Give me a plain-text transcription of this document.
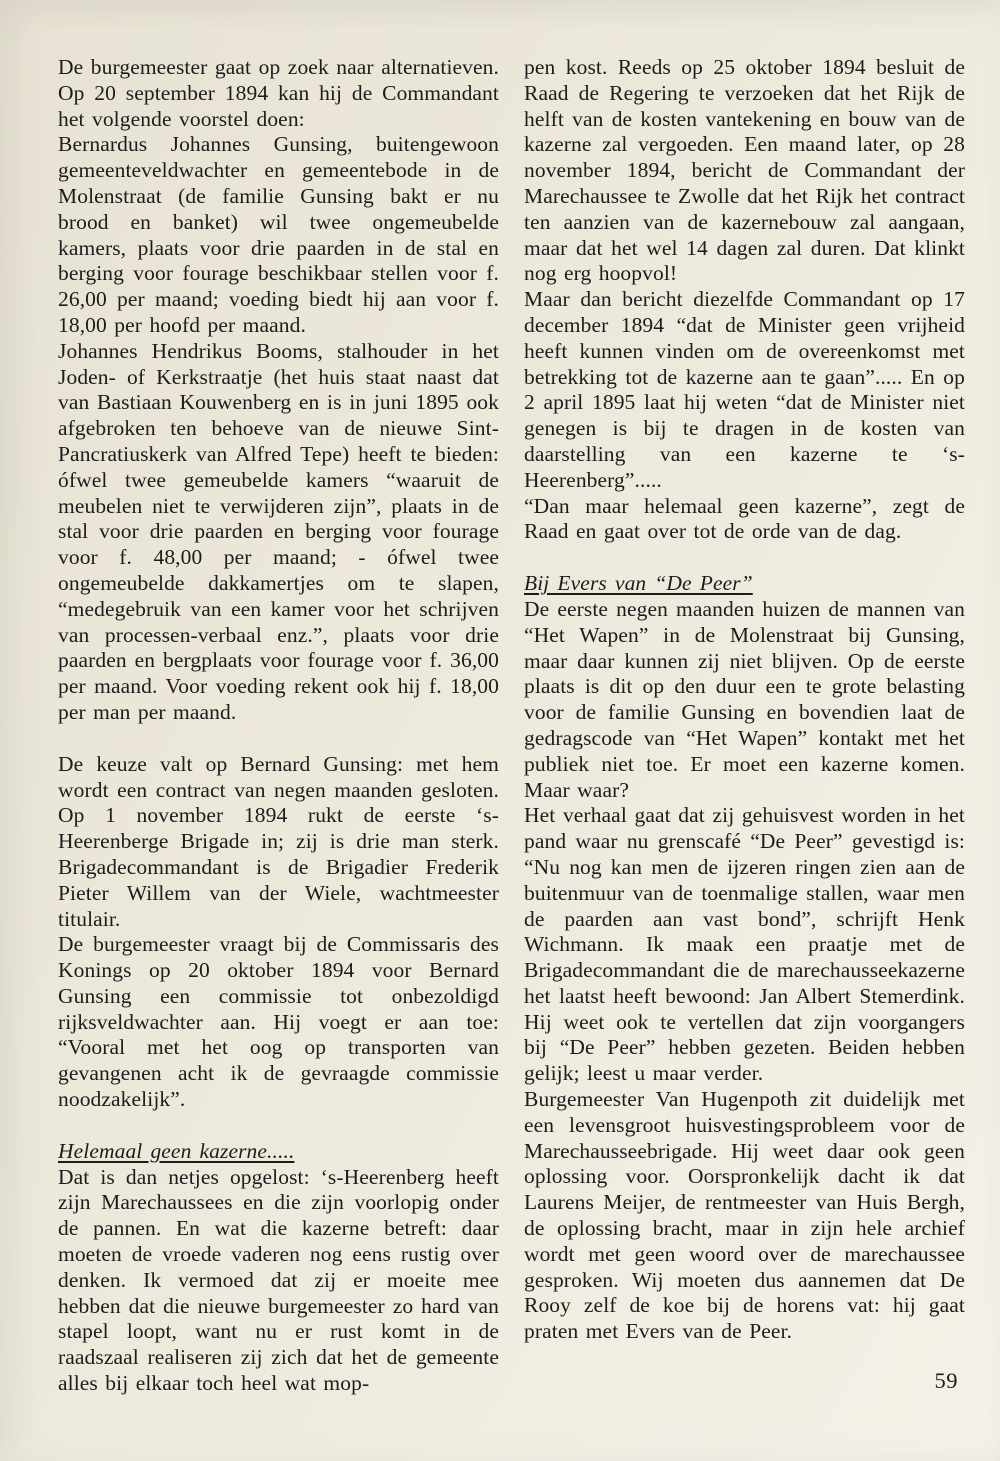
De burgemeester gaat op zoek naar alternatieven. Op 20 september 1894 kan hij de Commandant het volgende voorstel doen:

Bernardus Johannes Gunsing, buitengewoon gemeenteveldwachter en gemeentebode in de Molenstraat (de familie Gunsing bakt er nu brood en banket) wil twee ongemeubelde kamers, plaats voor drie paarden in de stal en berging voor fourage beschikbaar stellen voor f. 26,00 per maand; voeding biedt hij aan voor f. 18,00 per hoofd per maand.

Johannes Hendrikus Booms, stalhouder in het Joden- of Kerkstraatje (het huis staat naast dat van Bastiaan Kouwenberg en is in juni 1895 ook afgebroken ten behoeve van de nieuwe Sint-Pancratiuskerk van Alfred Tepe) heeft te bieden: ófwel twee gemeubelde kamers “waaruit de meubelen niet te verwijderen zijn”, plaats in de stal voor drie paarden en berging voor fourage voor f. 48,00 per maand; - ófwel twee ongemeubelde dakkamertjes om te slapen, “medegebruik van een kamer voor het schrijven van processen-verbaal enz.”, plaats voor drie paarden en bergplaats voor fourage voor f. 36,00 per maand. Voor voeding rekent ook hij f. 18,00 per man per maand.

De keuze valt op Bernard Gunsing: met hem wordt een contract van negen maanden gesloten. Op 1 november 1894 rukt de eerste ‘s-Heerenberge Brigade in; zij is drie man sterk. Brigadecommandant is de Brigadier Frederik Pieter Willem van der Wiele, wachtmeester titulair.

De burgemeester vraagt bij de Commissaris des Konings op 20 oktober 1894 voor Bernard Gunsing een commissie tot onbezoldigd rijksveldwachter aan. Hij voegt er aan toe: “Vooral met het oog op transporten van gevangenen acht ik de gevraagde commissie noodzakelijk”.

Helemaal geen kazerne.....

Dat is dan netjes opgelost: ‘s-Heerenberg heeft zijn Marechaussees en die zijn voorlopig onder de pannen. En wat die kazerne betreft: daar moeten de vroede vaderen nog eens rustig over denken. Ik vermoed dat zij er moeite mee hebben dat die nieuwe burgemeester zo hard van stapel loopt, want nu er rust komt in de raadszaal realiseren zij zich dat het de gemeente alles bij elkaar toch heel wat mop-

pen kost. Reeds op 25 oktober 1894 besluit de Raad de Regering te verzoeken dat het Rijk de helft van de kosten vantekening en bouw van de kazerne zal vergoeden. Een maand later, op 28 november 1894, bericht de Commandant der Marechaussee te Zwolle dat het Rijk het contract ten aanzien van de kazernebouw zal aangaan, maar dat het wel 14 dagen zal duren. Dat klinkt nog erg hoopvol!

Maar dan bericht diezelfde Commandant op 17 december 1894 “dat de Minister geen vrijheid heeft kunnen vinden om de overeenkomst met betrekking tot de kazerne aan te gaan”..... En op 2 april 1895 laat hij weten “dat de Minister niet genegen is bij te dragen in de kosten van daarstelling van een kazerne te ‘s-Heerenberg”.....

“Dan maar helemaal geen kazerne”, zegt de Raad en gaat over tot de orde van de dag.

Bij Evers van “De Peer”

De eerste negen maanden huizen de mannen van “Het Wapen” in de Molenstraat bij Gunsing, maar daar kunnen zij niet blijven. Op de eerste plaats is dit op den duur een te grote belasting voor de familie Gunsing en bovendien laat de gedragscode van “Het Wapen” kontakt met het publiek niet toe. Er moet een kazerne komen. Maar waar?

Het verhaal gaat dat zij gehuisvest worden in het pand waar nu grenscafé “De Peer” gevestigd is: “Nu nog kan men de ijzeren ringen zien aan de buitenmuur van de toenmalige stallen, waar men de paarden aan vast bond”, schrijft Henk Wichmann. Ik maak een praatje met de Brigadecommandant die de marechausseekazerne het laatst heeft bewoond: Jan Albert Stemerdink. Hij weet ook te vertellen dat zijn voorgangers bij “De Peer” hebben gezeten. Beiden hebben gelijk; leest u maar verder.

Burgemeester Van Hugenpoth zit duidelijk met een levensgroot huisvestingsprobleem voor de Marechausseebrigade. Hij weet daar ook geen oplossing voor. Oorspronkelijk dacht ik dat Laurens Meijer, de rentmeester van Huis Bergh, de oplossing bracht, maar in zijn hele archief wordt met geen woord over de marechaussee gesproken. Wij moeten dus aannemen dat De Rooy zelf de koe bij de horens vat: hij gaat praten met Evers van de Peer.

59
